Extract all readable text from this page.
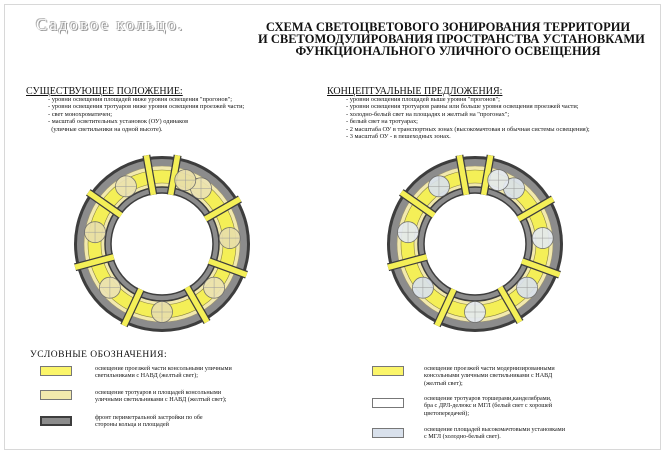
Садовое кольцо.	СХЕМА СВЕТОЦВЕТОВОГО ЗОНИРОВАНИЯ ТЕРРИТОРИИ
И СВЕТОМОДУЛИРОВАНИЯ ПРОСТРАНСТВА УСТАНОВКАМИ
ФУНКЦИОНАЛЬНОГО УЛИЧНОГО ОСВЕЩЕНИЯ
СУЩЕСТВУЮЩЕЕ ПОЛОЖЕНИЕ:
- уровни освещения площадей ниже уровня освещения "прогонов";
- уровни освещения тротуаров ниже уровня освещения проезжей части;
- свет монохроматичен;
- масштаб осветительных установок (ОУ) одинаков
(уличные светильники на одной высоте).
КОНЦЕПТУАЛЬНЫЕ ПРЕДЛОЖЕНИЯ:
- уровни освещения площадей выше уровня "прогонов";
- уровни освещения тротуаров равны или больше уровня освещения проезжей части;
- холодно-белый свет на площадях и желтый на "прогонах";
- белый свет на тротуарах;
- 2 масштаба ОУ в транспортных зонах (высокомачтовая и обычная системы освещения);
- 3 масштаб ОУ - в пешеходных зонах.
УСЛОВНЫЕ ОБОЗНАЧЕНИЯ:
освещение проезжей части консольными уличными
светильниками с НАВД (желтый свет);
освещение тротуаров и площадей консольными
уличными светильниками с НАВД (желтый свет);
фронт периметральной застройки по обе
стороны кольца и площадей
освещение проезжей части модернизированными
консольными уличными светильниками с НАВД
(желтый свет);
освещение тротуаров торшерами,канделябрами,
бра с ДРЛ-делюкс и МГЛ (белый свет с хорошей
цветопередачей);
освещение площадей высокомачтовыми установками
с МГЛ (холодно-белый свет).
